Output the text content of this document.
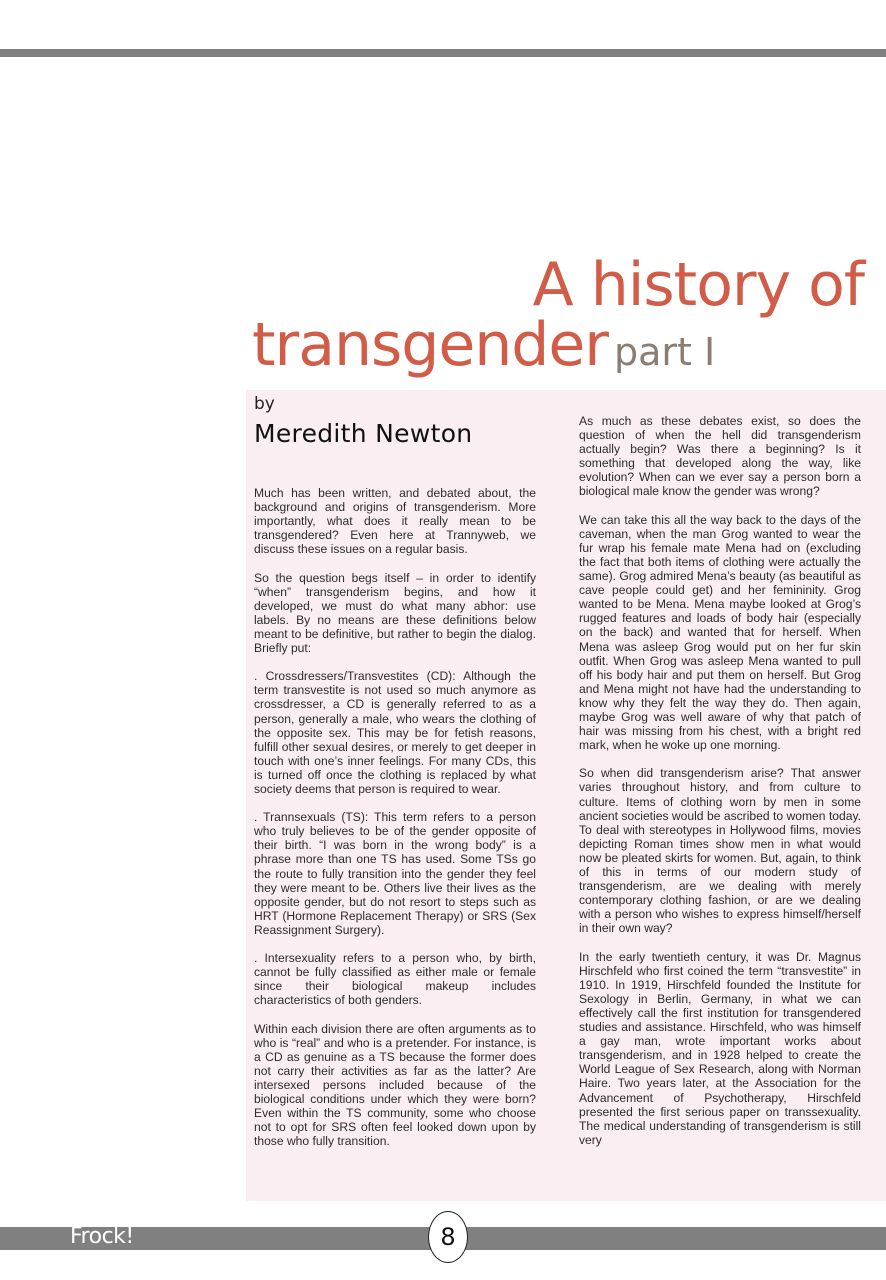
A history of
transgender part I
by
Meredith Newton

Much has been written, and debated about, the background and origins of transgenderism. More importantly, what does it really mean to be transgendered? Even here at Trannyweb, we discuss these issues on a regular basis.

So the question begs itself – in order to identify “when” transgenderism begins, and how it developed, we must do what many abhor: use labels. By no means are these definitions below meant to be definitive, but rather to begin the dialog. Briefly put:

. Crossdressers/Transvestites (CD): Although the term transvestite is not used so much anymore as crossdresser, a CD is generally referred to as a person, generally a male, who wears the clothing of the opposite sex. This may be for fetish reasons, fulfill other sexual desires, or merely to get deeper in touch with one’s inner feelings. For many CDs, this is turned off once the clothing is replaced by what society deems that person is required to wear.

. Trannsexuals (TS): This term refers to a person who truly believes to be of the gender opposite of their birth. “I was born in the wrong body” is a phrase more than one TS has used. Some TSs go the route to fully transition into the gender they feel they were meant to be. Others live their lives as the opposite gender, but do not resort to steps such as HRT (Hormone Replacement Therapy) or SRS (Sex Reassignment Surgery).

. Intersexuality refers to a person who, by birth, cannot be fully classified as either male or female since their biological makeup includes characteristics of both genders.

Within each division there are often arguments as to who is “real” and who is a pretender. For instance, is a CD as genuine as a TS because the former does not carry their activities as far as the latter? Are intersexed persons included because of the biological conditions under which they were born? Even within the TS community, some who choose not to opt for SRS often feel looked down upon by those who fully transition.

As much as these debates exist, so does the question of when the hell did transgenderism actually begin? Was there a beginning? Is it something that developed along the way, like evolution? When can we ever say a person born a biological male know the gender was wrong?

We can take this all the way back to the days of the caveman, when the man Grog wanted to wear the fur wrap his female mate Mena had on (excluding the fact that both items of clothing were actually the same). Grog admired Mena’s beauty (as beautiful as cave people could get) and her femininity. Grog wanted to be Mena. Mena maybe looked at Grog’s rugged features and loads of body hair (especially on the back) and wanted that for herself. When Mena was asleep Grog would put on her fur skin outfit. When Grog was asleep Mena wanted to pull off his body hair and put them on herself. But Grog and Mena might not have had the understanding to know why they felt the way they do. Then again, maybe Grog was well aware of why that patch of hair was missing from his chest, with a bright red mark, when he woke up one morning.

So when did transgenderism arise? That answer varies throughout history, and from culture to culture. Items of clothing worn by men in some ancient societies would be ascribed to women today. To deal with stereotypes in Hollywood films, movies depicting Roman times show men in what would now be pleated skirts for women. But, again, to think of this in terms of our modern study of transgenderism, are we dealing with merely contemporary clothing fashion, or are we dealing with a person who wishes to express himself/herself in their own way?

In the early twentieth century, it was Dr. Magnus Hirschfeld who first coined the term “transvestite” in 1910. In 1919, Hirschfeld founded the Institute for Sexology in Berlin, Germany, in what we can effectively call the first institution for transgendered studies and assistance. Hirschfeld, who was himself a gay man, wrote important works about transgenderism, and in 1928 helped to create the World League of Sex Research, along with Norman Haire. Two years later, at the Association for the Advancement of Psychotherapy, Hirschfeld presented the first serious paper on transsexuality. The medical understanding of transgenderism is still very

Frock!	8
